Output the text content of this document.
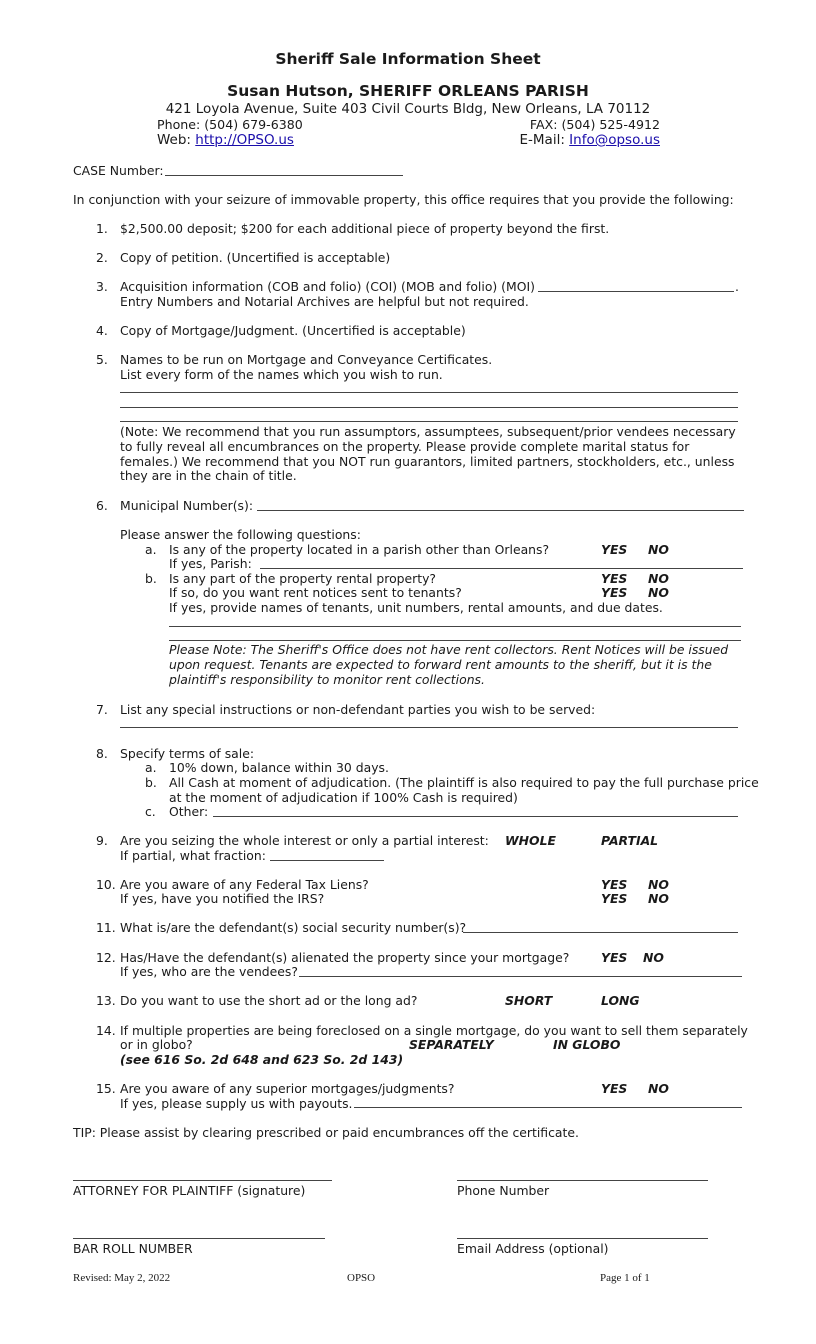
Sheriff Sale Information Sheet
Susan Hutson, SHERIFF ORLEANS PARISH
421 Loyola Avenue, Suite 403 Civil Courts Bldg, New Orleans, LA 70112
Phone: (504) 679-6380	FAX: (504) 525-4912
Web: http://OPSO.us	E-Mail: Info@opso.us
CASE Number:
In conjunction with your seizure of immovable property, this office requires that you provide the following:
1. $2,500.00 deposit; $200 for each additional piece of property beyond the first.
2. Copy of petition. (Uncertified is acceptable)
3. Acquisition information (COB and folio) (COI) (MOB and folio) (MOI)	.
Entry Numbers and Notarial Archives are helpful but not required.
4. Copy of Mortgage/Judgment. (Uncertified is acceptable)
5. Names to be run on Mortgage and Conveyance Certificates.
List every form of the names which you wish to run.
(Note: We recommend that you run assumptors, assumptees, subsequent/prior vendees necessary to fully reveal all encumbrances on the property. Please provide complete marital status for females.) We recommend that you NOT run guarantors, limited partners, stockholders, etc., unless they are in the chain of title.
6. Municipal Number(s):
Please answer the following questions:
a. Is any of the property located in a parish other than Orleans?	YES NO
If yes, Parish:
b. Is any part of the property rental property?	YES NO
If so, do you want rent notices sent to tenants?	YES NO
If yes, provide names of tenants, unit numbers, rental amounts, and due dates.
Please Note: The Sheriff's Office does not have rent collectors. Rent Notices will be issued upon request. Tenants are expected to forward rent amounts to the sheriff, but it is the plaintiff's responsibility to monitor rent collections.
7. List any special instructions or non-defendant parties you wish to be served:
8. Specify terms of sale:
a. 10% down, balance within 30 days.
b. All Cash at moment of adjudication. (The plaintiff is also required to pay the full purchase price
at the moment of adjudication if 100% Cash is required)
c. Other:
9. Are you seizing the whole interest or only a partial interest: WHOLE	PARTIAL
If partial, what fraction:
10. Are you aware of any Federal Tax Liens?	YES NO
If yes, have you notified the IRS?	YES NO
11. What is/are the defendant(s) social security number(s)?
12. Has/Have the defendant(s) alienated the property since your mortgage?	YES NO
If yes, who are the vendees?
13. Do you want to use the short ad or the long ad?	SHORT	LONG
14. If multiple properties are being foreclosed on a single mortgage, do you want to sell them separately
or in globo?	SEPARATELY	IN GLOBO
(see 616 So. 2d 648 and 623 So. 2d 143)
15. Are you aware of any superior mortgages/judgments?	YES NO
If yes, please supply us with payouts.
TIP: Please assist by clearing prescribed or paid encumbrances off the certificate.
ATTORNEY FOR PLAINTIFF (signature)	Phone Number
BAR ROLL NUMBER	Email Address (optional)
Revised: May 2, 2022	OPSO	Page 1 of 1
